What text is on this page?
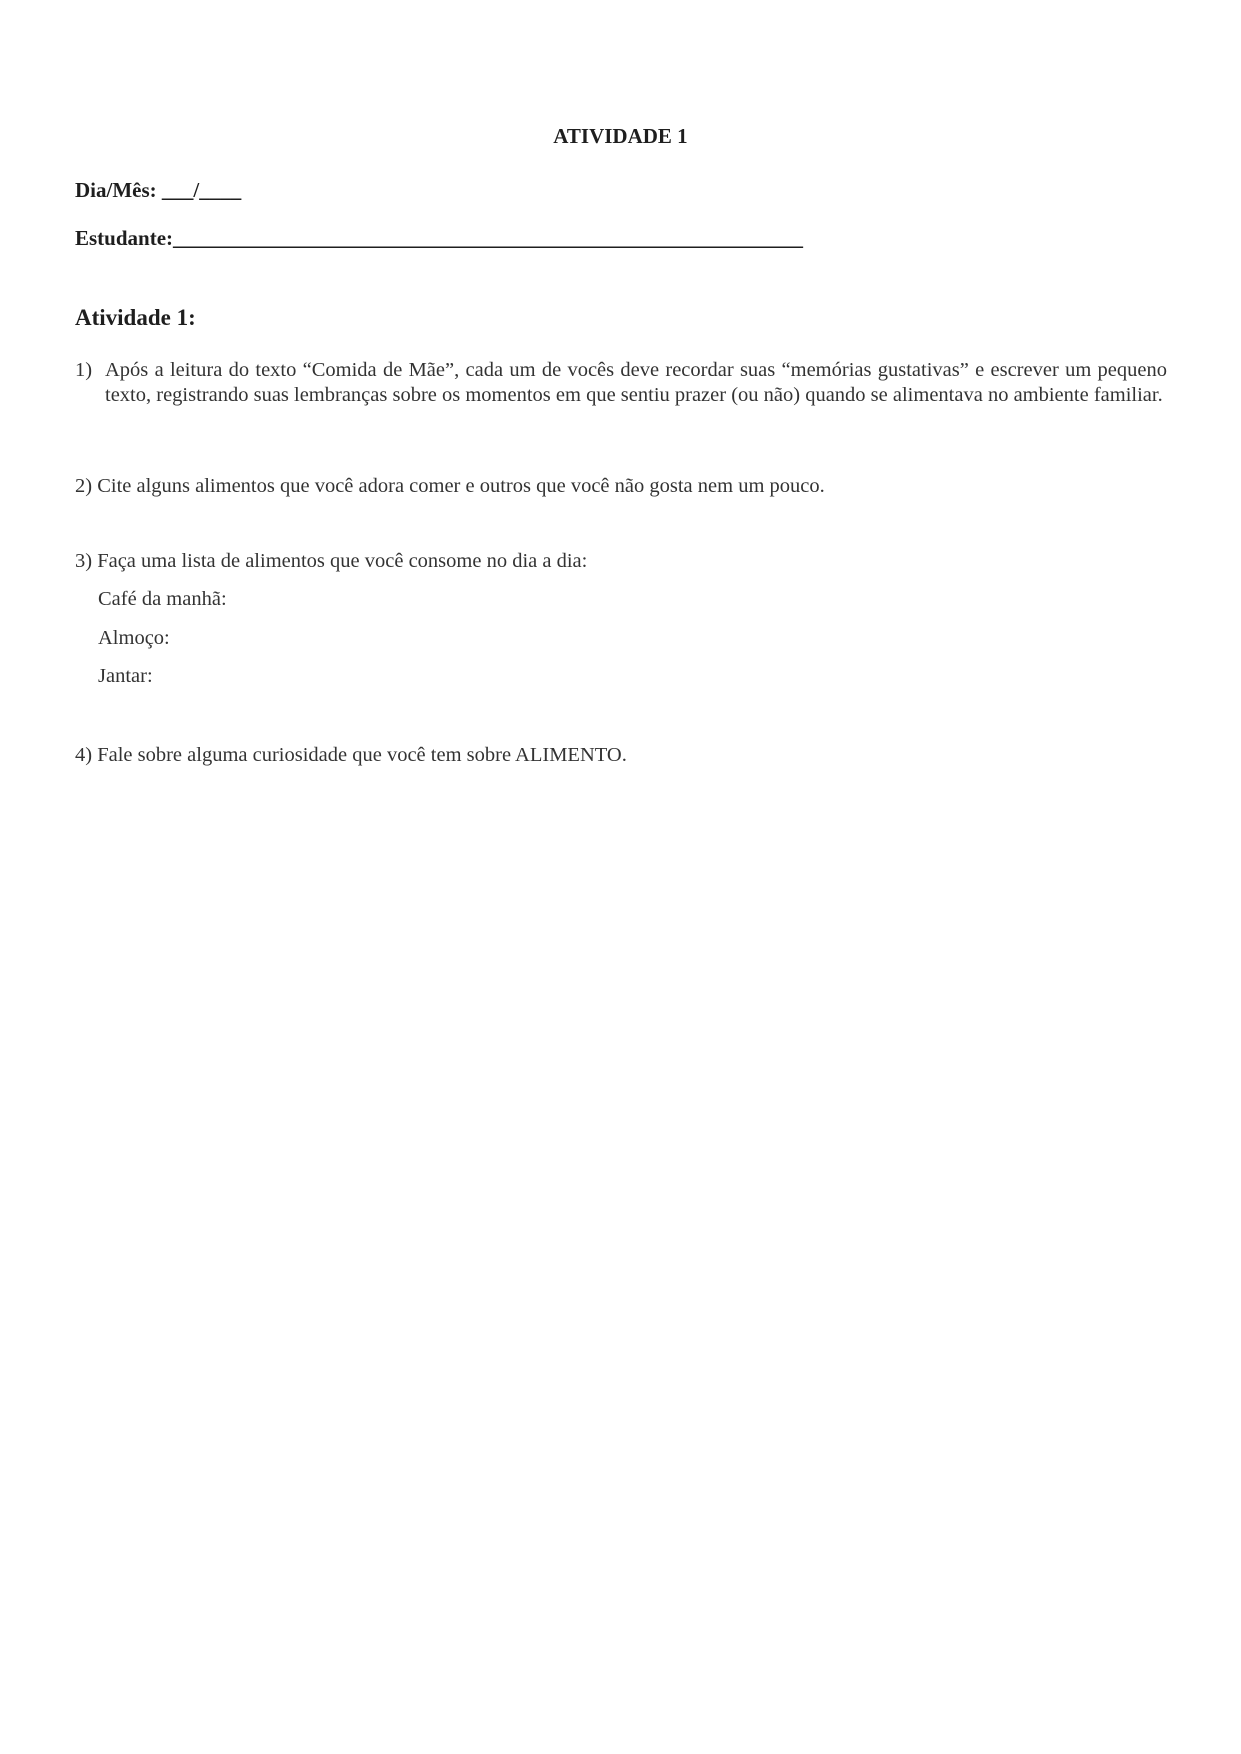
ATIVIDADE 1
Dia/Mês: ___/____
Estudante:____________________________________________________________
Atividade 1:
1) Após a leitura do texto “Comida de Mãe”, cada um de vocês deve recordar suas “memórias gustativas” e escrever um pequeno texto, registrando suas lembranças sobre os momentos em que sentiu prazer (ou não) quando se alimentava no ambiente familiar.
2) Cite alguns alimentos que você adora comer e outros que você não gosta nem um pouco.
3) Faça uma lista de alimentos que você consome no dia a dia:
Café da manhã:
Almoço:
Jantar:
4) Fale sobre alguma curiosidade que você tem sobre ALIMENTO.
